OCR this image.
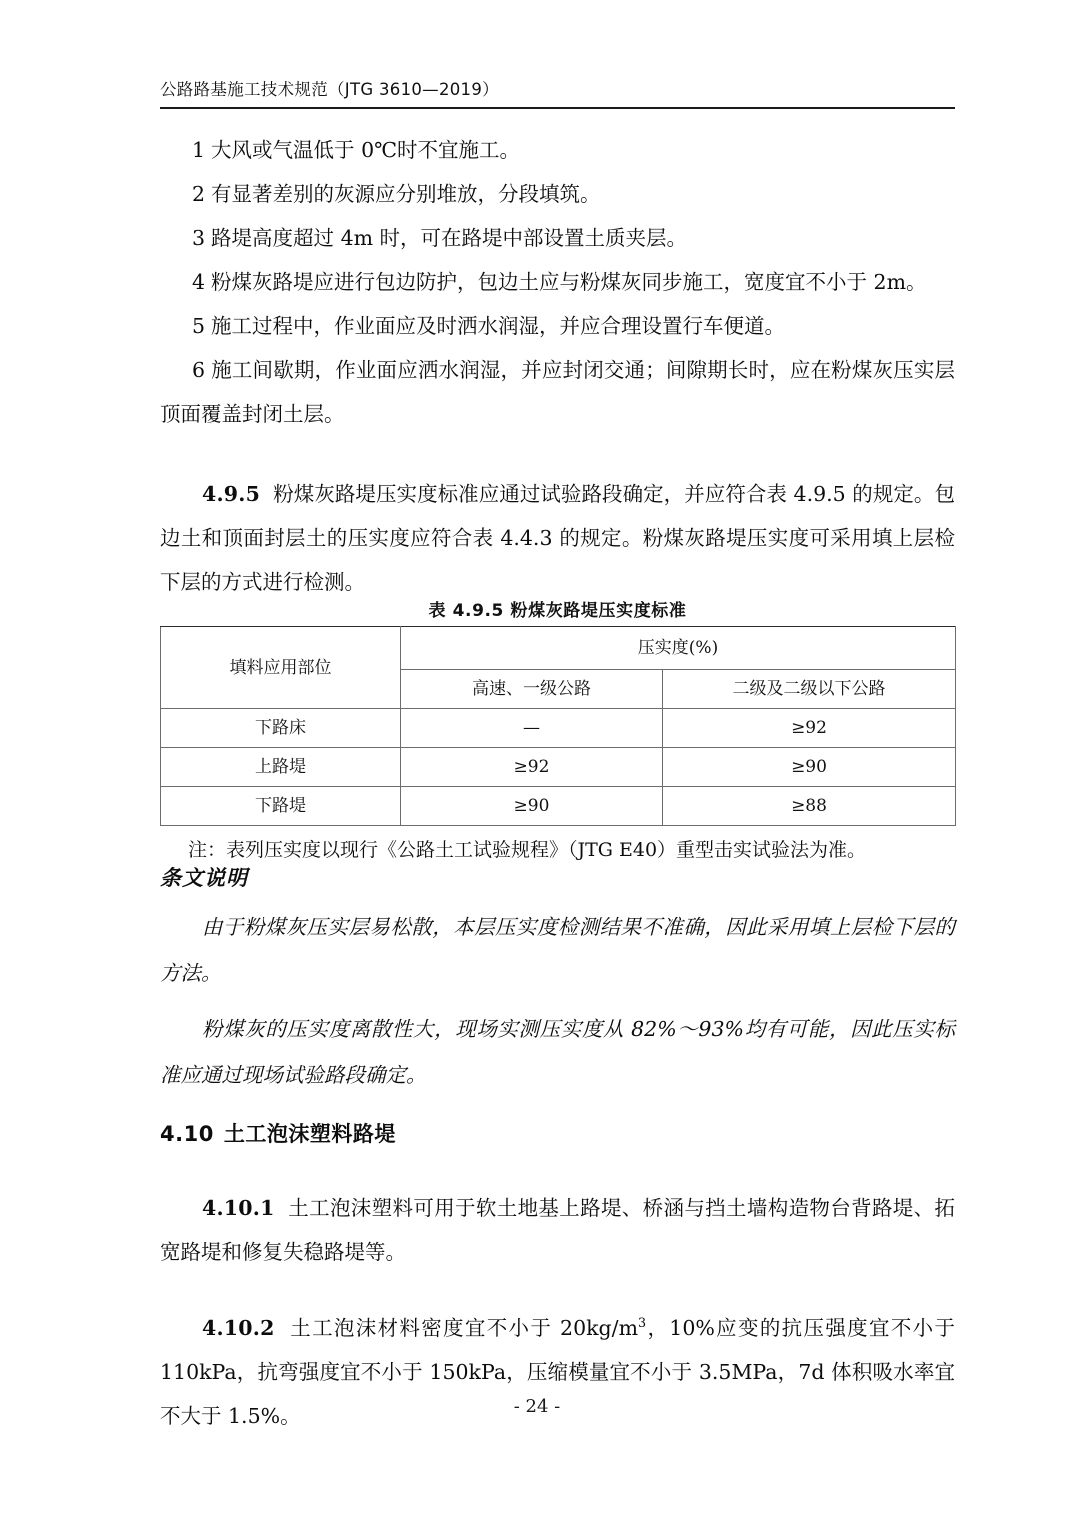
公路路基施工技术规范（JTG 3610—2019）

1 大风或气温低于 0℃时不宜施工。

2 有显著差别的灰源应分别堆放，分段填筑。

3 路堤高度超过 4m 时，可在路堤中部设置土质夹层。

4 粉煤灰路堤应进行包边防护，包边土应与粉煤灰同步施工，宽度宜不小于 2m。

5 施工过程中，作业面应及时洒水润湿，并应合理设置行车便道。

6 施工间歇期，作业面应洒水润湿，并应封闭交通；间隙期长时，应在粉煤灰压实层顶面覆盖封闭土层。

4.9.5 粉煤灰路堤压实度标准应通过试验路段确定，并应符合表 4.9.5 的规定。包边土和顶面封层土的压实度应符合表 4.4.3 的规定。粉煤灰路堤压实度可采用填上层检下层的方式进行检测。

表 4.9.5 粉煤灰路堤压实度标准
填料应用部位	压实度(%)	
	高速、一级公路	二级及二级以下公路
下路床	—	≥92
上路堤	≥92	≥90
下路堤	≥90	≥88
注：表列压实度以现行《公路土工试验规程》（JTG E40）重型击实试验法为准。

条文说明

由于粉煤灰压实层易松散，本层压实度检测结果不准确，因此采用填上层检下层的方法。

粉煤灰的压实度离散性大，现场实测压实度从 82%〜93%均有可能，因此压实标准应通过现场试验路段确定。

4.10 土工泡沫塑料路堤

4.10.1 土工泡沫塑料可用于软土地基上路堤、桥涵与挡土墙构造物台背路堤、拓宽路堤和修复失稳路堤等。

4.10.2 土工泡沫材料密度宜不小于 $20kg/m^3$，10%应变的抗压强度宜不小于 110kPa，抗弯强度宜不小于 150kPa，压缩模量宜不小于 3.5MPa，7d 体积吸水率宜不大于 1.5%。	- 24 -
